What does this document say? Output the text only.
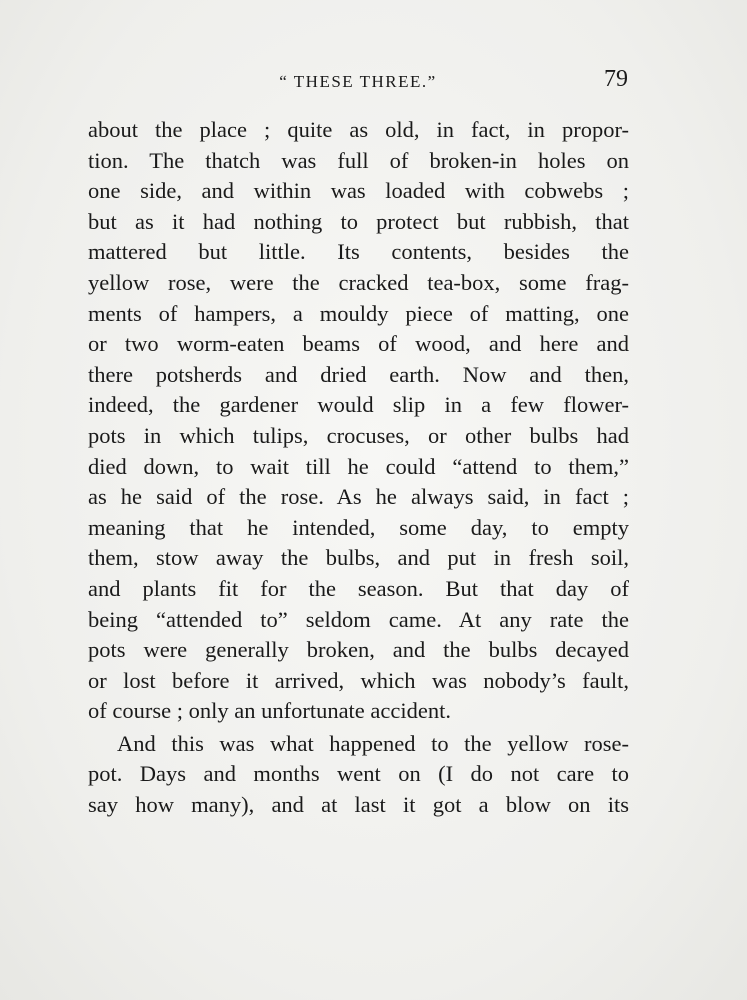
“ THESE THREE.”	79
about the place ; quite as old, in fact, in propor-
tion. The thatch was full of broken-in holes on
one side, and within was loaded with cobwebs ;
but as it had nothing to protect but rubbish, that
mattered but little. Its contents, besides the
yellow rose, were the cracked tea-box, some frag-
ments of hampers, a mouldy piece of matting, one
or two worm-eaten beams of wood, and here and
there potsherds and dried earth. Now and then,
indeed, the gardener would slip in a few flower-
pots in which tulips, crocuses, or other bulbs had
died down, to wait till he could “attend to them,”
as he said of the rose. As he always said, in fact ;
meaning that he intended, some day, to empty
them, stow away the bulbs, and put in fresh soil,
and plants fit for the season. But that day of
being “attended to” seldom came. At any rate the
pots were generally broken, and the bulbs decayed
or lost before it arrived, which was nobody’s fault,
of course ; only an unfortunate accident.
And this was what happened to the yellow rose-
pot. Days and months went on (I do not care to
say how many), and at last it got a blow on its
